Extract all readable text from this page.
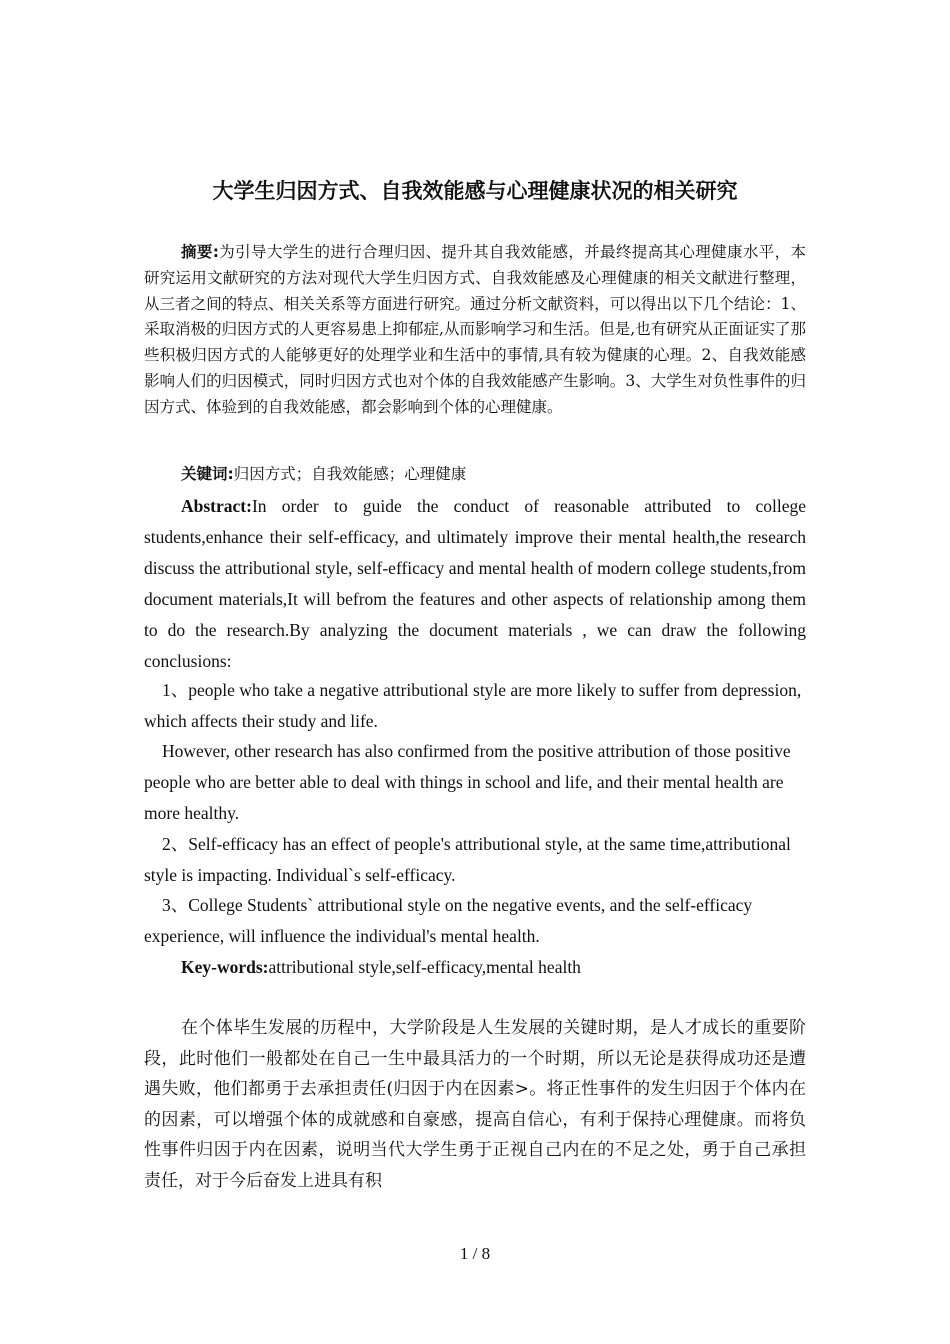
大学生归因方式、自我效能感与心理健康状况的相关研究
摘要:为引导大学生的进行合理归因、提升其自我效能感，并最终提高其心理健康水平，本研究运用文献研究的方法对现代大学生归因方式、自我效能感及心理健康的相关文献进行整理，从三者之间的特点、相关关系等方面进行研究。通过分析文献资料，可以得出以下几个结论：1、采取消极的归因方式的人更容易患上抑郁症,从而影响学习和生活。但是,也有研究从正面证实了那些积极归因方式的人能够更好的处理学业和生活中的事情,具有较为健康的心理。2、自我效能感影响人们的归因模式，同时归因方式也对个体的自我效能感产生影响。3、大学生对负性事件的归因方式、体验到的自我效能感，都会影响到个体的心理健康。
关键词:归因方式；自我效能感；心理健康
Abstract:In order to guide the conduct of reasonable attributed to college students,enhance their self-efficacy, and ultimately improve their mental health,the research discuss the attributional style, self-efficacy and mental health of modern college students,from document materials,It will befrom the features and other aspects of relationship among them to do the research.By analyzing the document materials , we can draw the following conclusions:
1、people who take a negative attributional style are more likely to suffer from depression, which affects their study and life.
However, other research has also confirmed from the positive attribution of those positive people who are better able to deal with things in school and life, and their mental health are more healthy.
2、Self-efficacy has an effect of people's attributional style, at the same time,attributional style is impacting. Individual`s self-efficacy.
3、College Students` attributional style on the negative events, and the self-efficacy experience, will influence the individual's mental health.
Key-words:attributional style,self-efficacy,mental health
在个体毕生发展的历程中，大学阶段是人生发展的关键时期，是人才成长的重要阶段，此时他们一般都处在自己一生中最具活力的一个时期，所以无论是获得成功还是遭遇失败，他们都勇于去承担责任(归因于内在因素>。将正性事件的发生归因于个体内在的因素，可以增强个体的成就感和自豪感，提高自信心，有利于保持心理健康。而将负性事件归因于内在因素，说明当代大学生勇于正视自己内在的不足之处，勇于自己承担责任，对于今后奋发上进具有积
1 / 8
